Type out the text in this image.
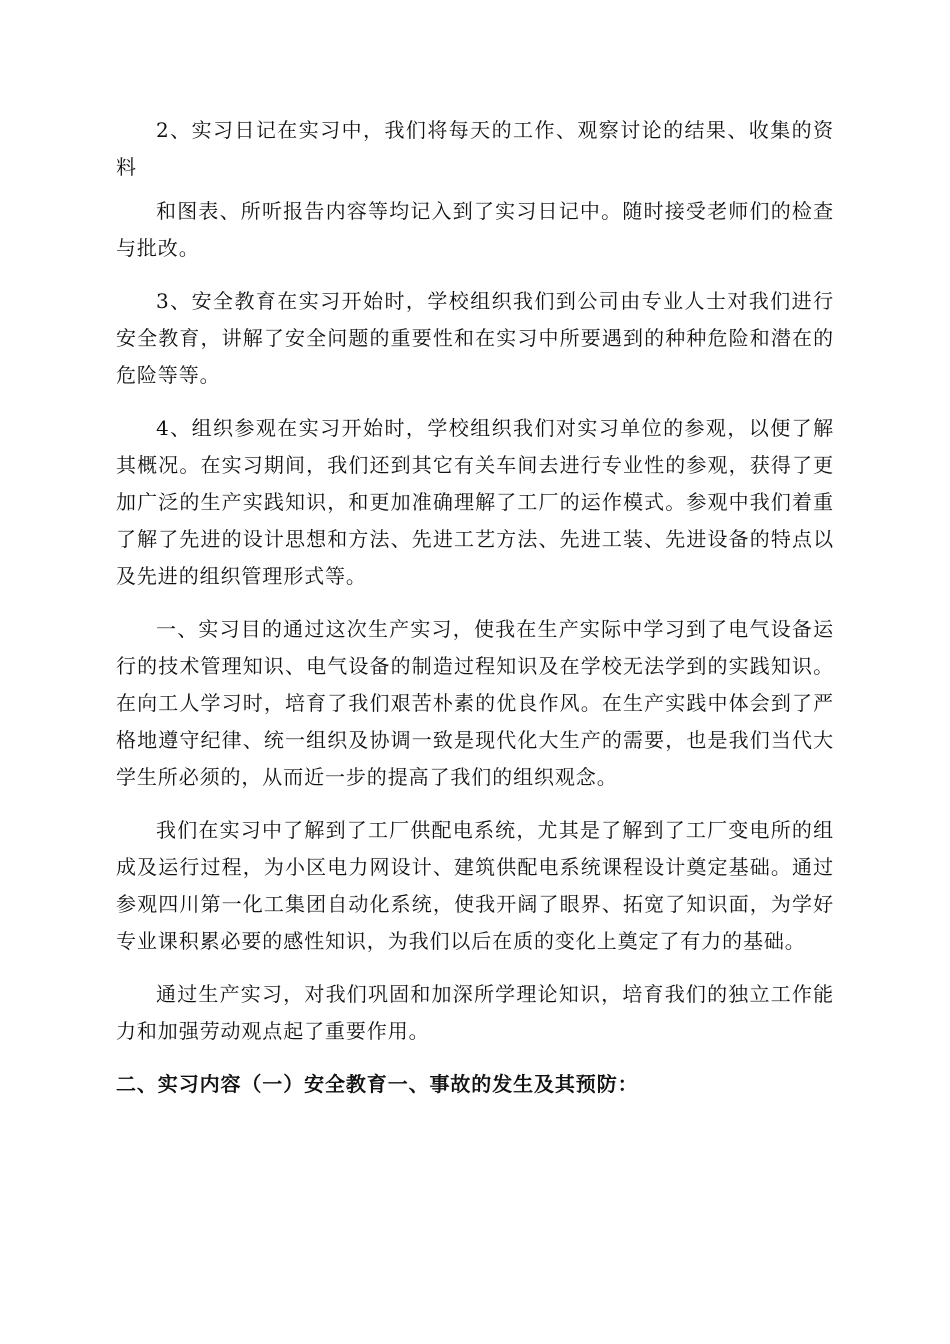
2、实习日记在实习中，我们将每天的工作、观察讨论的结果、收集的资料

和图表、所听报告内容等均记入到了实习日记中。随时接受老师们的检查与批改。

3、安全教育在实习开始时，学校组织我们到公司由专业人士对我们进行安全教育，讲解了安全问题的重要性和在实习中所要遇到的种种危险和潜在的危险等等。

4、组织参观在实习开始时，学校组织我们对实习单位的参观，以便了解其概况。在实习期间，我们还到其它有关车间去进行专业性的参观，获得了更加广泛的生产实践知识，和更加准确理解了工厂的运作模式。参观中我们着重了解了先进的设计思想和方法、先进工艺方法、先进工装、先进设备的特点以及先进的组织管理形式等。

一、实习目的通过这次生产实习，使我在生产实际中学习到了电气设备运行的技术管理知识、电气设备的制造过程知识及在学校无法学到的实践知识。在向工人学习时，培育了我们艰苦朴素的优良作风。在生产实践中体会到了严格地遵守纪律、统一组织及协调一致是现代化大生产的需要，也是我们当代大学生所必须的，从而近一步的提高了我们的组织观念。

我们在实习中了解到了工厂供配电系统，尤其是了解到了工厂变电所的组成及运行过程，为小区电力网设计、建筑供配电系统课程设计奠定基础。通过参观四川第一化工集团自动化系统，使我开阔了眼界、拓宽了知识面，为学好专业课积累必要的感性知识，为我们以后在质的变化上奠定了有力的基础。

通过生产实习，对我们巩固和加深所学理论知识，培育我们的独立工作能力和加强劳动观点起了重要作用。

二、实习内容（一）安全教育一、事故的发生及其预防：
